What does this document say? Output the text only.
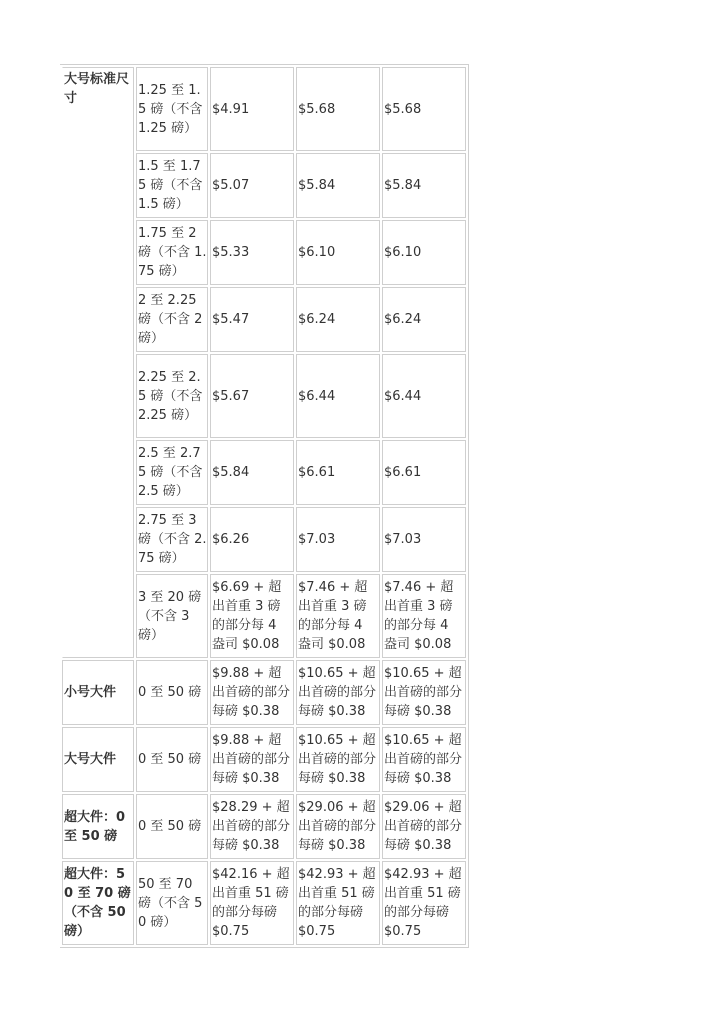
大号标准尺寸	1.25 至 1.5 磅（不含 1.25 磅）	$4.91	$5.68	$5.68
	1.5 至 1.75 磅（不含 1.5 磅）	$5.07	$5.84	$5.84
	1.75 至 2 磅（不含 1.75 磅）	$5.33	$6.10	$6.10
	2 至 2.25 磅（不含 2 磅）	$5.47	$6.24	$6.24
	2.25 至 2.5 磅（不含 2.25 磅）	$5.67	$6.44	$6.44
	2.5 至 2.75 磅（不含 2.5 磅）	$5.84	$6.61	$6.61
	2.75 至 3 磅（不含 2.75 磅）	$6.26	$7.03	$7.03
	3 至 20 磅（不含 3 磅）	$6.69 + 超出首重 3 磅的部分每 4 盎司 $0.08	$7.46 + 超出首重 3 磅的部分每 4 盎司 $0.08	$7.46 + 超出首重 3 磅的部分每 4 盎司 $0.08
小号大件	0 至 50 磅	$9.88 + 超出首磅的部分每磅 $0.38	$10.65 + 超出首磅的部分每磅 $0.38	$10.65 + 超出首磅的部分每磅 $0.38
大号大件	0 至 50 磅	$9.88 + 超出首磅的部分每磅 $0.38	$10.65 + 超出首磅的部分每磅 $0.38	$10.65 + 超出首磅的部分每磅 $0.38
超大件：0 至 50 磅	0 至 50 磅	$28.29 + 超出首磅的部分每磅 $0.38	$29.06 + 超出首磅的部分每磅 $0.38	$29.06 + 超出首磅的部分每磅 $0.38
超大件：50 至 70 磅（不含 50 磅）	50 至 70 磅（不含 50 磅）	$42.16 + 超出首重 51 磅的部分每磅 $0.75	$42.93 + 超出首重 51 磅的部分每磅 $0.75	$42.93 + 超出首重 51 磅的部分每磅 $0.75
